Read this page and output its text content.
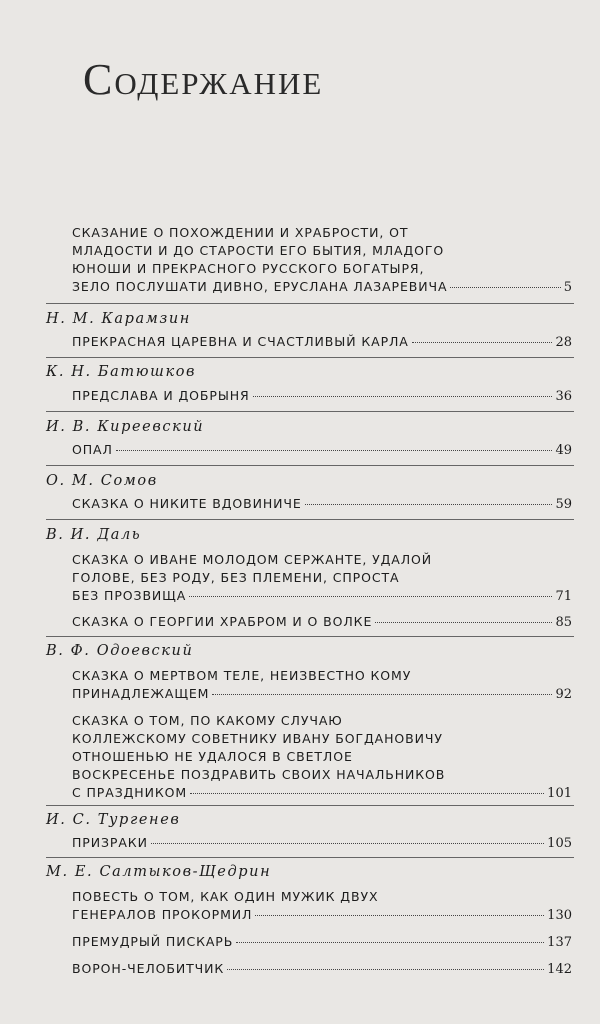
Содержание
СКАЗАНИЕ О ПОХОЖДЕНИИ И ХРАБРОСТИ, ОТ
МЛАДОСТИ И ДО СТАРОСТИ ЕГО БЫТИЯ, МЛАДОГО
ЮНОШИ И ПРЕКРАСНОГО РУССКОГО БОГАТЫРЯ,
ЗЕЛО ПОСЛУШАТИ ДИВНО, ЕРУСЛАНА ЛАЗАРЕВИЧА	5
Н. М. Карамзин
ПРЕКРАСНАЯ ЦАРЕВНА И СЧАСТЛИВЫЙ КАРЛА	28
К. Н. Батюшков
ПРЕДСЛАВА И ДОБРЫНЯ	36
И. В. Киреевский
ОПАЛ	49
О. М. Сомов
СКАЗКА О НИКИТЕ ВДОВИНИЧЕ	59
В. И. Даль
СКАЗКА О ИВАНЕ МОЛОДОМ СЕРЖАНТЕ, УДАЛОЙ
ГОЛОВЕ, БЕЗ РОДУ, БЕЗ ПЛЕМЕНИ, СПРОСТА
БЕЗ ПРОЗВИЩА	71
СКАЗКА О ГЕОРГИИ ХРАБРОМ И О ВОЛКЕ	85
В. Ф. Одоевский
СКАЗКА О МЕРТВОМ ТЕЛЕ, НЕИЗВЕСТНО КОМУ
ПРИНАДЛЕЖАЩЕМ	92
СКАЗКА О ТОМ, ПО КАКОМУ СЛУЧАЮ
КОЛЛЕЖСКОМУ СОВЕТНИКУ ИВАНУ БОГДАНОВИЧУ
ОТНОШЕНЬЮ НЕ УДАЛОСЯ В СВЕТЛОЕ
ВОСКРЕСЕНЬЕ ПОЗДРАВИТЬ СВОИХ НАЧАЛЬНИКОВ
С ПРАЗДНИКОМ	101
И. С. Тургенев
ПРИЗРАКИ	105
М. Е. Салтыков-Щедрин
ПОВЕСТЬ О ТОМ, КАК ОДИН МУЖИК ДВУХ
ГЕНЕРАЛОВ ПРОКОРМИЛ	130
ПРЕМУДРЫЙ ПИСКАРЬ	137
ВОРОН-ЧЕЛОБИТЧИК	142
